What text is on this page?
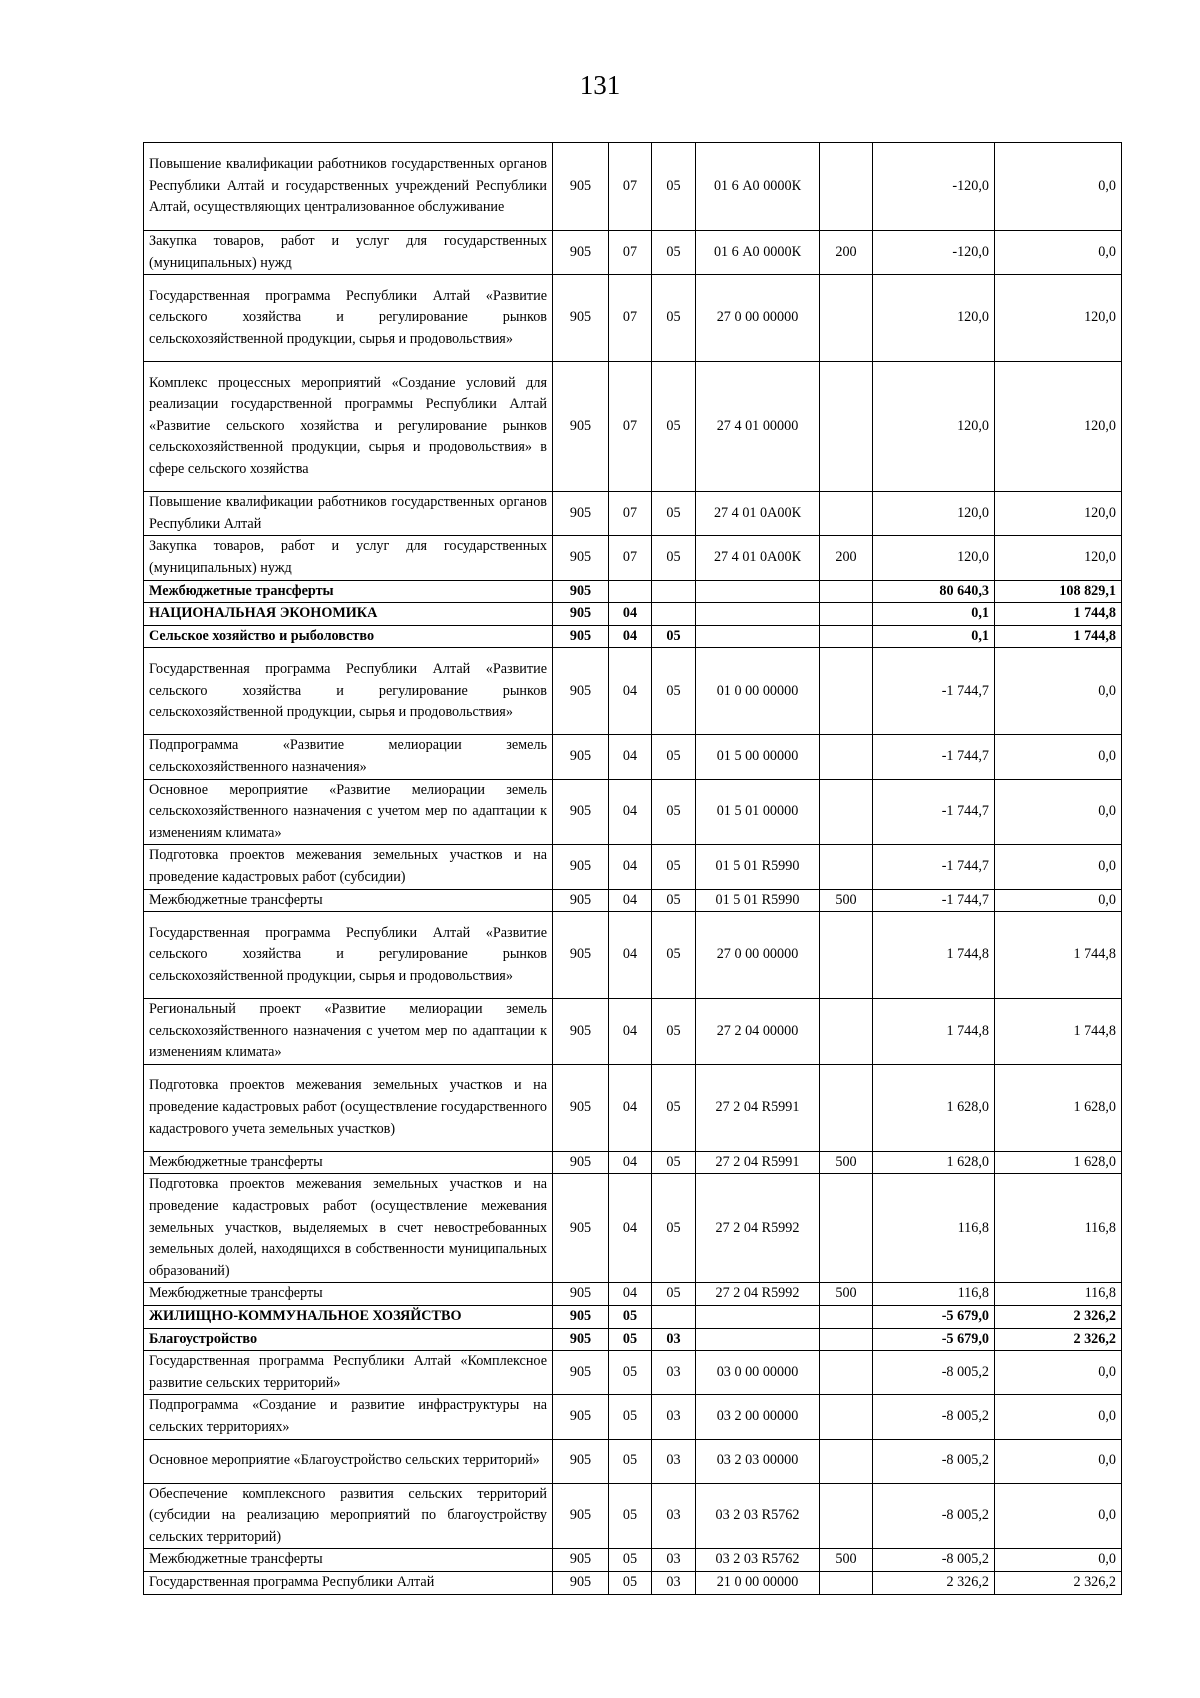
131
Повышение квалификации работников государственных органов Республики Алтай и государственных учреждений Республики Алтай, осуществляющих централизованное обслуживание	905	07	05	01 6 А0 0000К		-120,0	0,0
Закупка товаров, работ и услуг для государственных (муниципальных) нужд	905	07	05	01 6 А0 0000К	200	-120,0	0,0
Государственная программа Республики Алтай «Развитие сельского хозяйства и регулирование рынков сельскохозяйственной продукции, сырья и продовольствия»	905	07	05	27 0 00 00000		120,0	120,0
Комплекс процессных мероприятий «Создание условий для реализации государственной программы Республики Алтай «Развитие сельского хозяйства и регулирование рынков сельскохозяйственной продукции, сырья и продовольствия» в сфере сельского хозяйства	905	07	05	27 4 01 00000		120,0	120,0
Повышение квалификации работников государственных органов Республики Алтай	905	07	05	27 4 01 0А00К		120,0	120,0
Закупка товаров, работ и услуг для государственных (муниципальных) нужд	905	07	05	27 4 01 0А00К	200	120,0	120,0
Межбюджетные трансферты	905					80 640,3	108 829,1
НАЦИОНАЛЬНАЯ ЭКОНОМИКА	905	04				0,1	1 744,8
Сельское хозяйство и рыболовство	905	04	05			0,1	1 744,8
Государственная программа Республики Алтай «Развитие сельского хозяйства и регулирование рынков сельскохозяйственной продукции, сырья и продовольствия»	905	04	05	01 0 00 00000		-1 744,7	0,0
Подпрограмма «Развитие мелиорации земель сельскохозяйственного назначения»	905	04	05	01 5 00 00000		-1 744,7	0,0
Основное мероприятие «Развитие мелиорации земель сельскохозяйственного назначения с учетом мер по адаптации к изменениям климата»	905	04	05	01 5 01 00000		-1 744,7	0,0
Подготовка проектов межевания земельных участков и на проведение кадастровых работ (субсидии)	905	04	05	01 5 01 R5990		-1 744,7	0,0
Межбюджетные трансферты	905	04	05	01 5 01 R5990	500	-1 744,7	0,0
Государственная программа Республики Алтай «Развитие сельского хозяйства и регулирование рынков сельскохозяйственной продукции, сырья и продовольствия»	905	04	05	27 0 00 00000		1 744,8	1 744,8
Региональный проект «Развитие мелиорации земель сельскохозяйственного назначения с учетом мер по адаптации к изменениям климата»	905	04	05	27 2 04 00000		1 744,8	1 744,8
Подготовка проектов межевания земельных участков и на проведение кадастровых работ (осуществление государственного кадастрового учета земельных участков)	905	04	05	27 2 04 R5991		1 628,0	1 628,0
Межбюджетные трансферты	905	04	05	27 2 04 R5991	500	1 628,0	1 628,0
Подготовка проектов межевания земельных участков и на проведение кадастровых работ (осуществление межевания земельных участков, выделяемых в счет невостребованных земельных долей, находящихся в собственности муниципальных образований)	905	04	05	27 2 04 R5992		116,8	116,8
Межбюджетные трансферты	905	04	05	27 2 04 R5992	500	116,8	116,8
ЖИЛИЩНО-КОММУНАЛЬНОЕ ХОЗЯЙСТВО	905	05				-5 679,0	2 326,2
Благоустройство	905	05	03			-5 679,0	2 326,2
Государственная программа Республики Алтай «Комплексное развитие сельских территорий»	905	05	03	03 0 00 00000		-8 005,2	0,0
Подпрограмма «Создание и развитие инфраструктуры на сельских территориях»	905	05	03	03 2 00 00000		-8 005,2	0,0
Основное мероприятие «Благоустройство сельских территорий»	905	05	03	03 2 03 00000		-8 005,2	0,0
Обеспечение комплексного развития сельских территорий (субсидии на реализацию мероприятий по благоустройству сельских территорий)	905	05	03	03 2 03 R5762		-8 005,2	0,0
Межбюджетные трансферты	905	05	03	03 2 03 R5762	500	-8 005,2	0,0
Государственная программа Республики Алтай	905	05	03	21 0 00 00000		2 326,2	2 326,2
